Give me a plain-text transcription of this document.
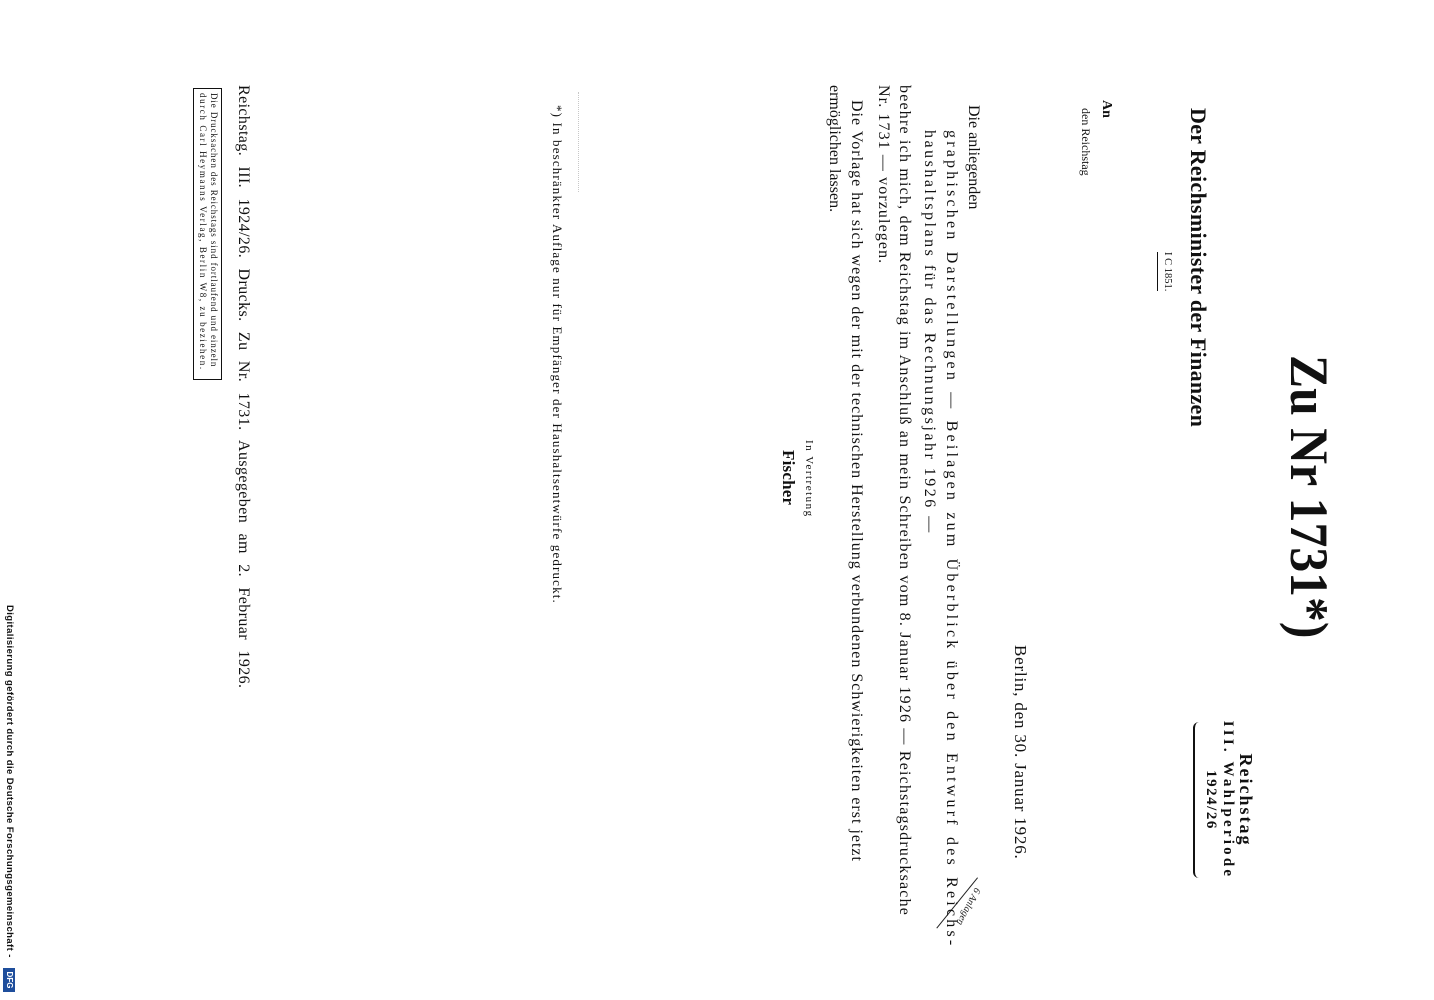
Zu Nr 1731*)
Reichstag
III. Wahlperiode
1924/26
Der Reichsminister der Finanzen
I C 1851.
An
den Reichstag
Berlin, den 30. Januar 1926.
6 Anlagen
Die anliegenden
graphischen Darstellungen — Beilagen zum Überblick über den Entwurf des Reichs-
haushaltsplans für das Rechnungsjahr 1926 —
beehre ich mich, dem Reichstag im Anschluß an mein Schreiben vom 8. Januar 1926 — Reichstagsdrucksache
Nr. 1731 — vorzulegen.
Die Vorlage hat sich wegen der mit der technischen Herstellung verbundenen Schwierigkeiten erst jetzt
ermöglichen lassen.
In Vertretung
Fischer
*) In beschränkter Auflage nur für Empfänger der Haushaltsentwürfe gedruckt.
Reichstag. III. 1924/26. Drucks. Zu Nr. 1731. Ausgegeben am 2. Februar 1926.
Die Drucksachen des Reichstags sind fortlaufend und einzeln
durch Carl Heymanns Verlag, Berlin W8, zu beziehen.
Digitalisierung gefördert durch die Deutsche Forschungsgemeinschaft -
DFG
